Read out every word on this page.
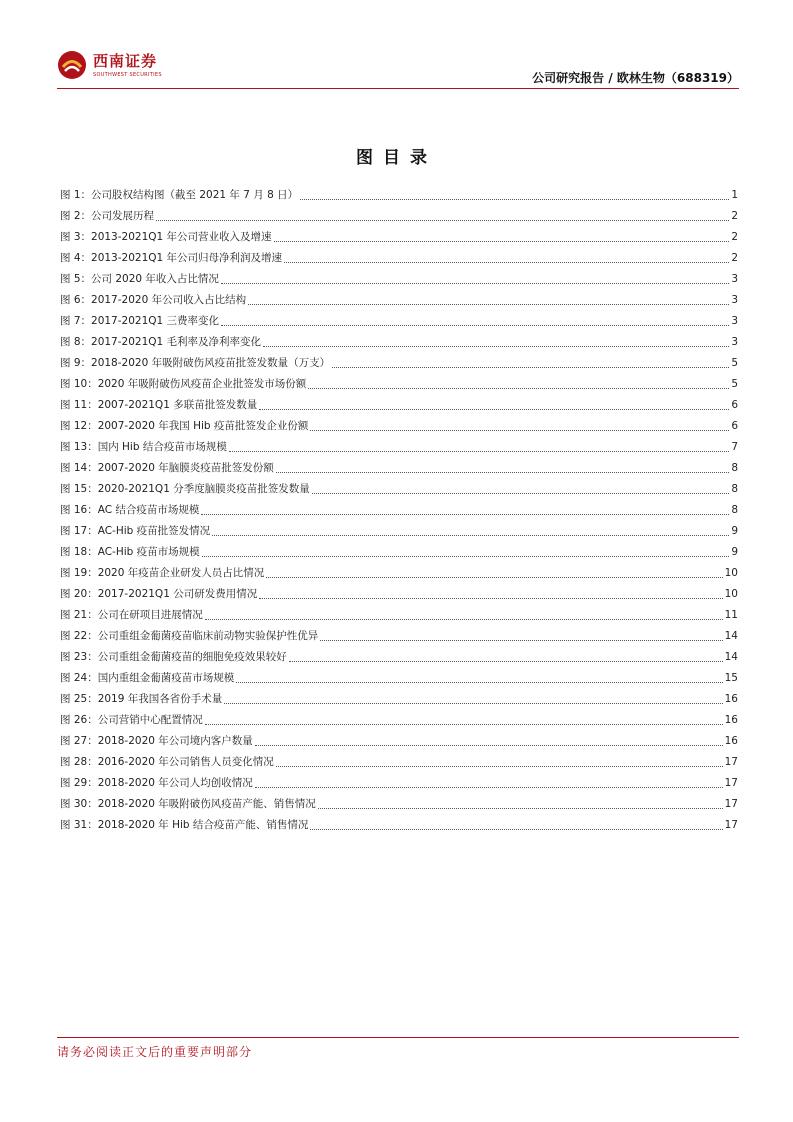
西南证券
SOUTHWEST SECURITIES	公司研究报告 / 欧林生物（688319）
图目录
图 1：公司股权结构图（截至 2021 年 7 月 8 日）	1
图 2：公司发展历程	2
图 3：2013-2021Q1 年公司营业收入及增速	2
图 4：2013-2021Q1 年公司归母净利润及增速	2
图 5：公司 2020 年收入占比情况	3
图 6：2017-2020 年公司收入占比结构	3
图 7：2017-2021Q1 三费率变化	3
图 8：2017-2021Q1 毛利率及净利率变化	3
图 9：2018-2020 年吸附破伤风疫苗批签发数量（万支）	5
图 10：2020 年吸附破伤风疫苗企业批签发市场份额	5
图 11：2007-2021Q1 多联苗批签发数量	6
图 12：2007-2020 年我国 Hib 疫苗批签发企业份额	6
图 13：国内 Hib 结合疫苗市场规模	7
图 14：2007-2020 年脑膜炎疫苗批签发份额	8
图 15：2020-2021Q1 分季度脑膜炎疫苗批签发数量	8
图 16：AC 结合疫苗市场规模	8
图 17：AC-Hib 疫苗批签发情况	9
图 18：AC-Hib 疫苗市场规模	9
图 19：2020 年疫苗企业研发人员占比情况	10
图 20：2017-2021Q1 公司研发费用情况	10
图 21：公司在研项目进展情况	11
图 22：公司重组金葡菌疫苗临床前动物实验保护性优异	14
图 23：公司重组金葡菌疫苗的细胞免疫效果较好	14
图 24：国内重组金葡菌疫苗市场规模	15
图 25：2019 年我国各省份手术量	16
图 26：公司营销中心配置情况	16
图 27：2018-2020 年公司境内客户数量	16
图 28：2016-2020 年公司销售人员变化情况	17
图 29：2018-2020 年公司人均创收情况	17
图 30：2018-2020 年吸附破伤风疫苗产能、销售情况	17
图 31：2018-2020 年 Hib 结合疫苗产能、销售情况	17
请务必阅读正文后的重要声明部分
